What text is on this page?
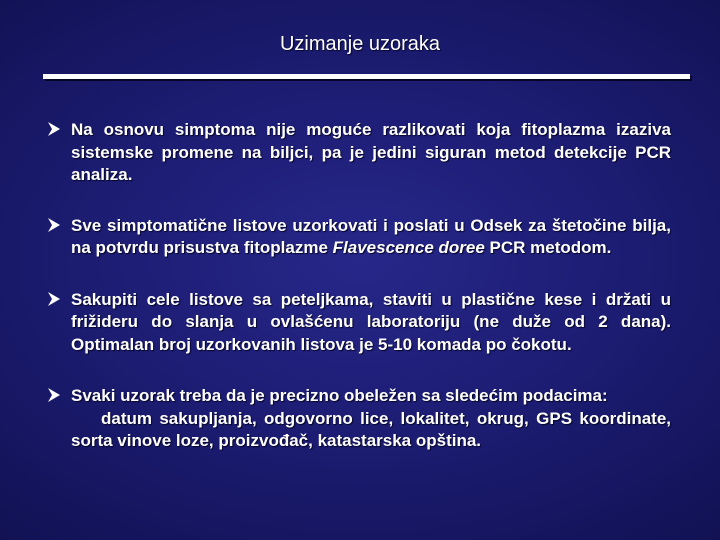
Uzimanje uzoraka
Na osnovu simptoma nije moguće razlikovati koja fitoplazma izaziva sistemske promene na biljci, pa je jedini siguran metod detekcije PCR analiza.
Sve simptomatične listove uzorkovati i poslati u Odsek za štetočine bilja, na potvrdu prisustva fitoplazme Flavescence doree PCR metodom.
Sakupiti cele listove sa peteljkama, staviti u plastične kese i držati u frižideru do slanja u ovlašćenu laboratoriju (ne duže od 2 dana). Optimalan broj uzorkovanih listova je 5-10 komada po čokotu.
Svaki uzorak treba da je precizno obeležen sa sledećim podacima:
datum sakupljanja, odgovorno lice, lokalitet, okrug, GPS koordinate, sorta vinove loze, proizvođač, katastarska opština.
